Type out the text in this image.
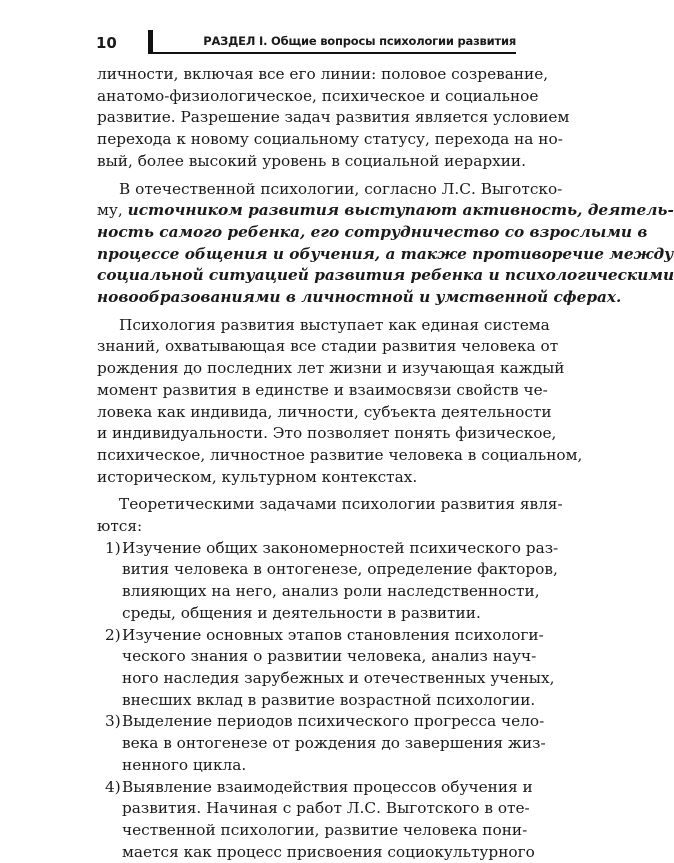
10	РАЗДЕЛ I. Общие вопросы психологии развития
личности, включая все его линии: половое созревание,
анатомо-физиологическое, психическое и социальное
развитие. Разрешение задач развития является условием
перехода к новому социальному статусу, перехода на но-
вый, более высокий уровень в социальной иерархии.
В отечественной психологии, согласно Л.С. Выготско-
му, источником развития выступают активность, деятель-
ность самого ребенка, его сотрудничество со взрослыми в
процессе общения и обучения, а также противоречие между
социальной ситуацией развития ребенка и психологическими
новообразованиями в личностной и умственной сферах.
Психология развития выступает как единая система
знаний, охватывающая все стадии развития человека от
рождения до последних лет жизни и изучающая каждый
момент развития в единстве и взаимосвязи свойств че-
ловека как индивида, личности, субъекта деятельности
и индивидуальности. Это позволяет понять физическое,
психическое, личностное развитие человека в социальном,
историческом, культурном контекстах.
Теоретическими задачами психологии развития явля-
ются:
1) Изучение общих закономерностей психического раз-
вития человека в онтогенезе, определение факторов,
влияющих на него, анализ роли наследственности,
среды, общения и деятельности в развитии.
2) Изучение основных этапов становления психологи-
ческого знания о развитии человека, анализ науч-
ного наследия зарубежных и отечественных ученых,
внесших вклад в развитие возрастной психологии.
3) Выделение периодов психического прогресса чело-
века в онтогенезе от рождения до завершения жиз-
ненного цикла.
4) Выявление взаимодействия процессов обучения и
развития. Начиная с работ Л.С. Выготского в оте-
чественной психологии, развитие человека пони-
мается как процесс присвоения социокультурного
